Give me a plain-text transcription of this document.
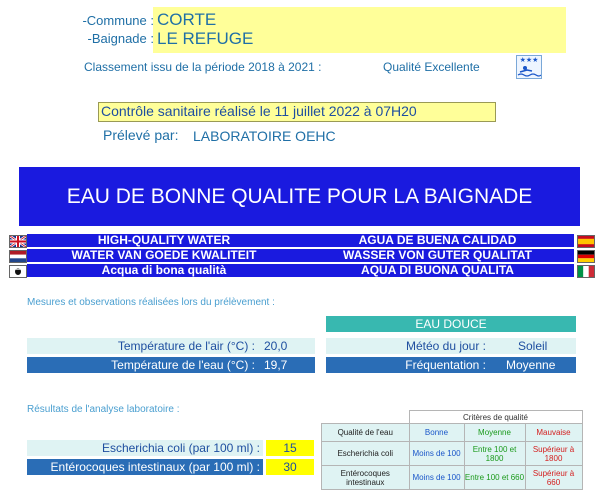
-Commune : CORTE
-Baignade : LE REFUGE
Classement issu de la période 2018 à 2021 :	Qualité Excellente	★★★
Contrôle sanitaire réalisé le 11 juillet 2022 à 07H20
Prélevé par: LABORATOIRE OEHC
EAU DE BONNE QUALITE POUR LA BAIGNADE
HIGH-QUALITY WATER	AGUA DE BUENA CALIDAD
WATER VAN GOEDE KWALITEIT	WASSER VON GUTER QUALITAT
Acqua di bona qualità	AQUA DI BUONA QUALITA
Mesures et observations réalisées lors du prélèvement :
EAU DOUCE
Température de l'air (°C) : 20,0	Météo du jour :	Soleil
Température de l'eau (°C) : 19,7	Fréquentation : Moyenne
Résultats de l'analyse laboratoire :
Escherichia coli (par 100 ml) :	15
Entérocoques intestinaux (par 100 ml) :	30
	Critères de qualité		
Qualité de l'eau	Bonne	Moyenne	Mauvaise
Escherichia coli	Moins de 100	Entre 100 et 1800	Supérieur à 1800
Entérocoques intestinaux	Moins de 100	Entre 100 et 660	Supérieur à 660
